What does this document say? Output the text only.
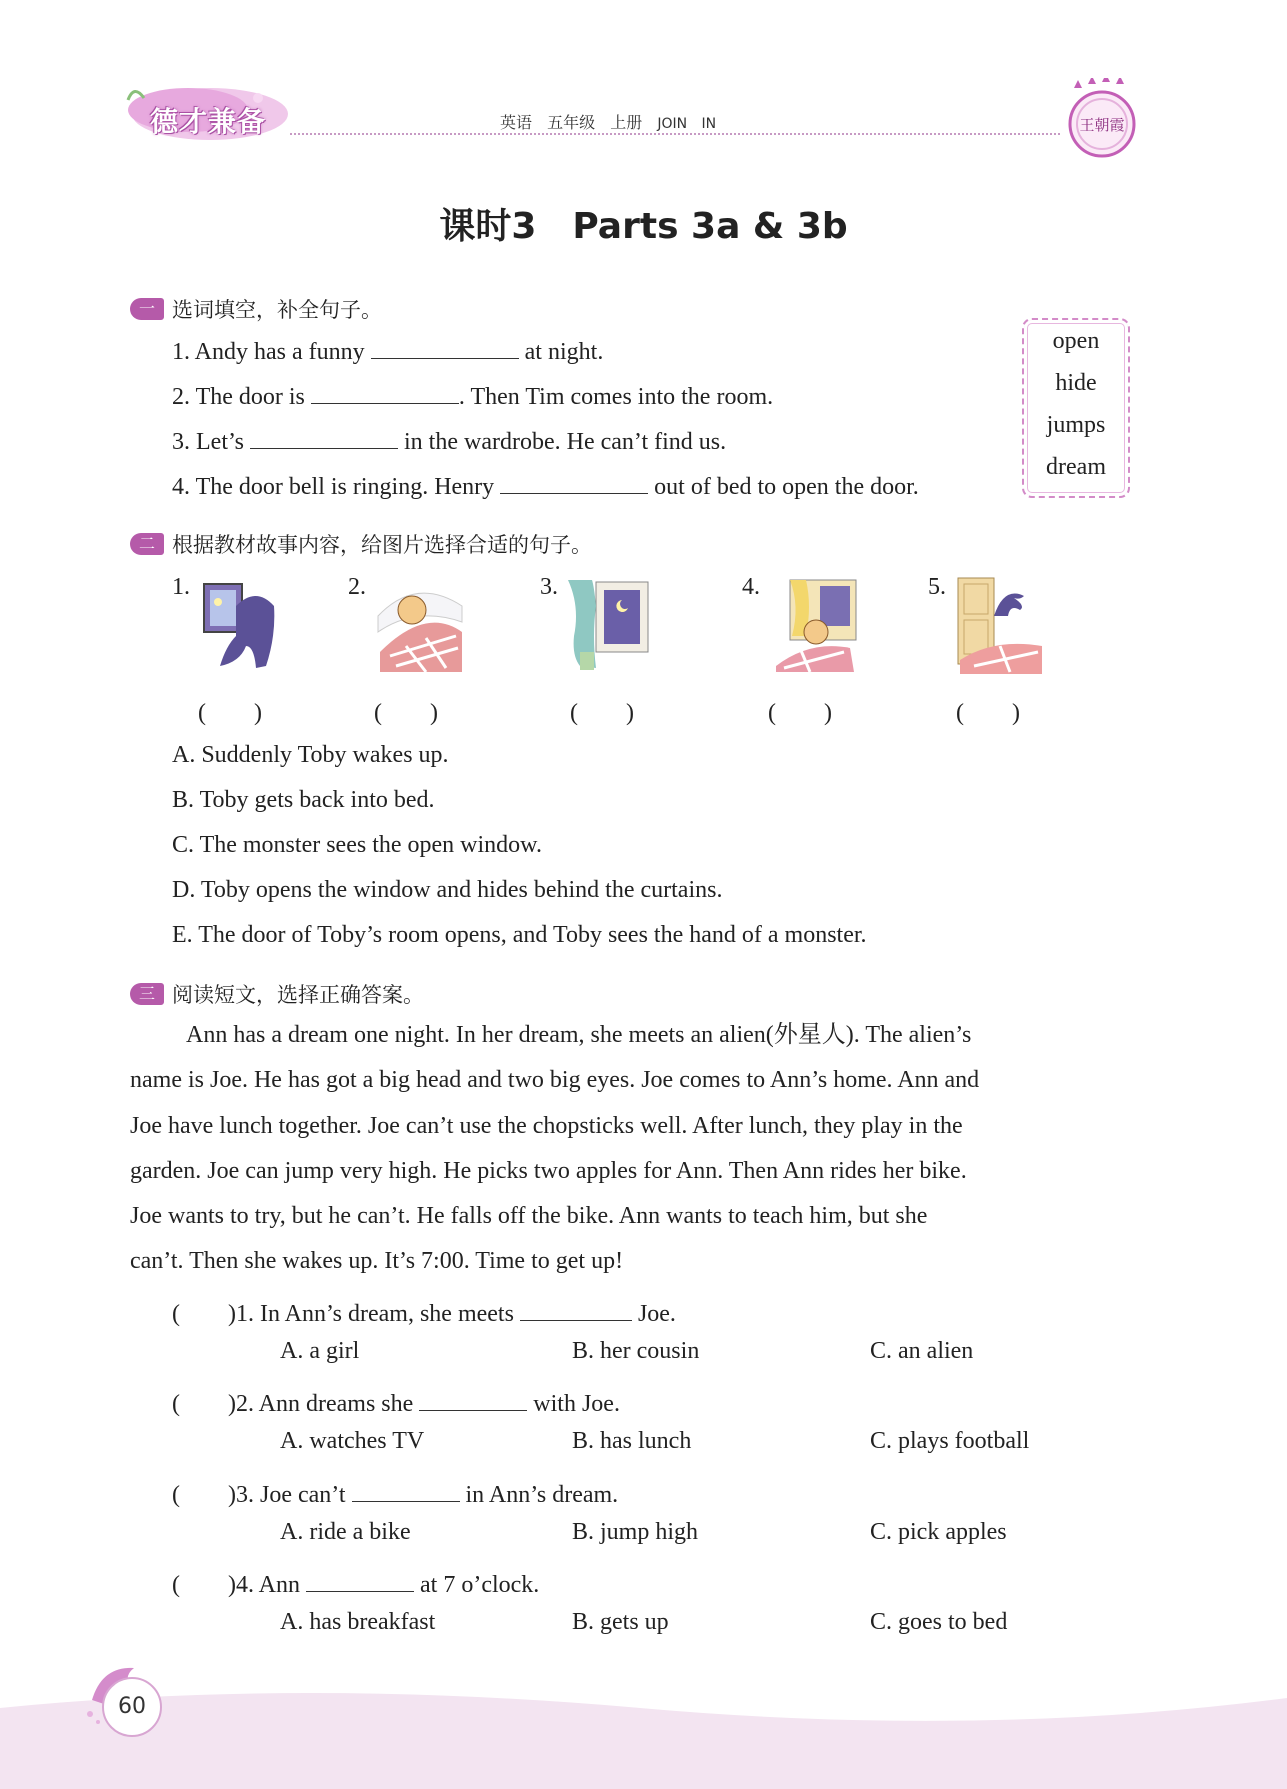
德才兼备	英语 五年级 上册 JOIN IN	王朝霞
课时3　Parts 3a & 3b
一 选词填空，补全句子。
1. Andy has a funny	at night.
2. The door is	. Then Tim comes into the room.
3. Let’s	in the wardrobe. He can’t find us.
4. The door bell is ringing. Henry	out of bed to open the door.
open
hide
jumps
dream
二 根据教材故事内容，给图片选择合适的句子。
1.	2.	3.	4.	5.
(　　)	(　　)	(　　)	(　　)	(　　)
A. Suddenly Toby wakes up.
B. Toby gets back into bed.
C. The monster sees the open window.
D. Toby opens the window and hides behind the curtains.
E. The door of Toby’s room opens, and Toby sees the hand of a monster.
三 阅读短文，选择正确答案。
Ann has a dream one night. In her dream, she meets an alien(外星人). The alien’s
name is Joe. He has got a big head and two big eyes. Joe comes to Ann’s home. Ann and
Joe have lunch together. Joe can’t use the chopsticks well. After lunch, they play in the
garden. Joe can jump very high. He picks two apples for Ann. Then Ann rides her bike.
Joe wants to try, but he can’t. He falls off the bike. Ann wants to teach him, but she
can’t. Then she wakes up. It’s 7:00. Time to get up!
(　　)1. In Ann’s dream, she meets	Joe.
A. a girl	B. her cousin	C. an alien
(　　)2. Ann dreams she	with Joe.
A. watches TV	B. has lunch	C. plays football
(　　)3. Joe can’t	in Ann’s dream.
A. ride a bike	B. jump high	C. pick apples
(　　)4. Ann	at 7 o’clock.
A. has breakfast	B. gets up	C. goes to bed
60
